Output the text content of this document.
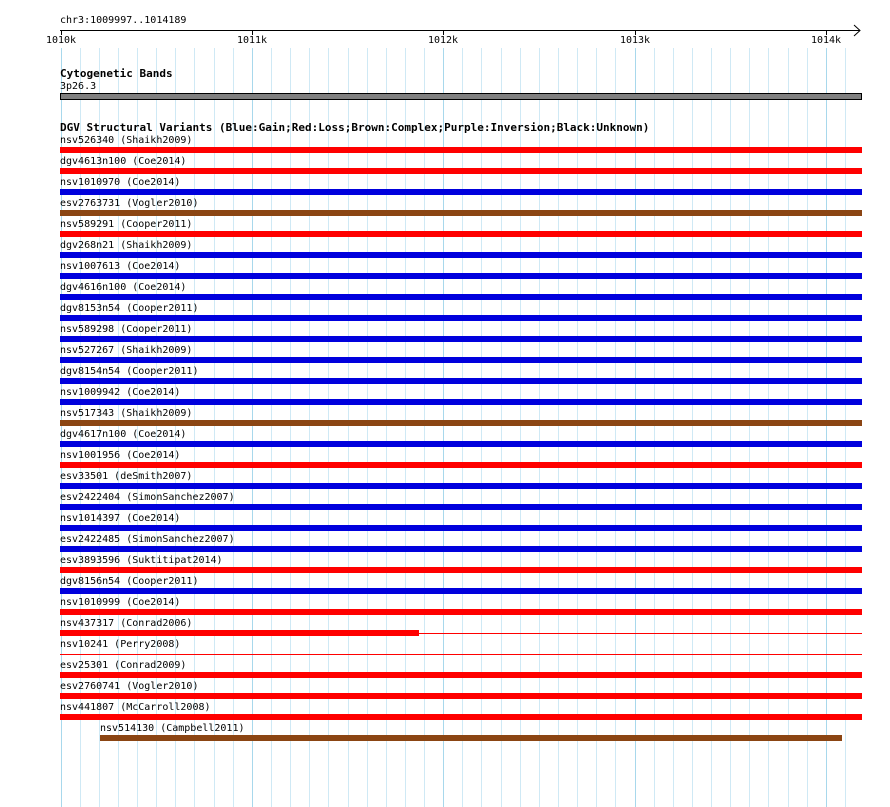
chr3:1009997..1014189
1010k	1011k	1012k	1013k	1014k
Cytogenetic Bands
3p26.3
DGV Structural Variants (Blue:Gain;Red:Loss;Brown:Complex;Purple:Inversion;Black:Unknown)
nsv526340 (Shaikh2009)
dgv4613n100 (Coe2014)
nsv1010970 (Coe2014)
esv2763731 (Vogler2010)
nsv589291 (Cooper2011)
dgv268n21 (Shaikh2009)
nsv1007613 (Coe2014)
dgv4616n100 (Coe2014)
dgv8153n54 (Cooper2011)
nsv589298 (Cooper2011)
nsv527267 (Shaikh2009)
dgv8154n54 (Cooper2011)
nsv1009942 (Coe2014)
nsv517343 (Shaikh2009)
dgv4617n100 (Coe2014)
nsv1001956 (Coe2014)
esv33501 (deSmith2007)
esv2422404 (SimonSanchez2007)
nsv1014397 (Coe2014)
esv2422485 (SimonSanchez2007)
esv3893596 (Suktitipat2014)
dgv8156n54 (Cooper2011)
nsv1010999 (Coe2014)
nsv437317 (Conrad2006)
nsv10241 (Perry2008)
esv25301 (Conrad2009)
esv2760741 (Vogler2010)
nsv441807 (McCarroll2008)
nsv514130 (Campbell2011)
